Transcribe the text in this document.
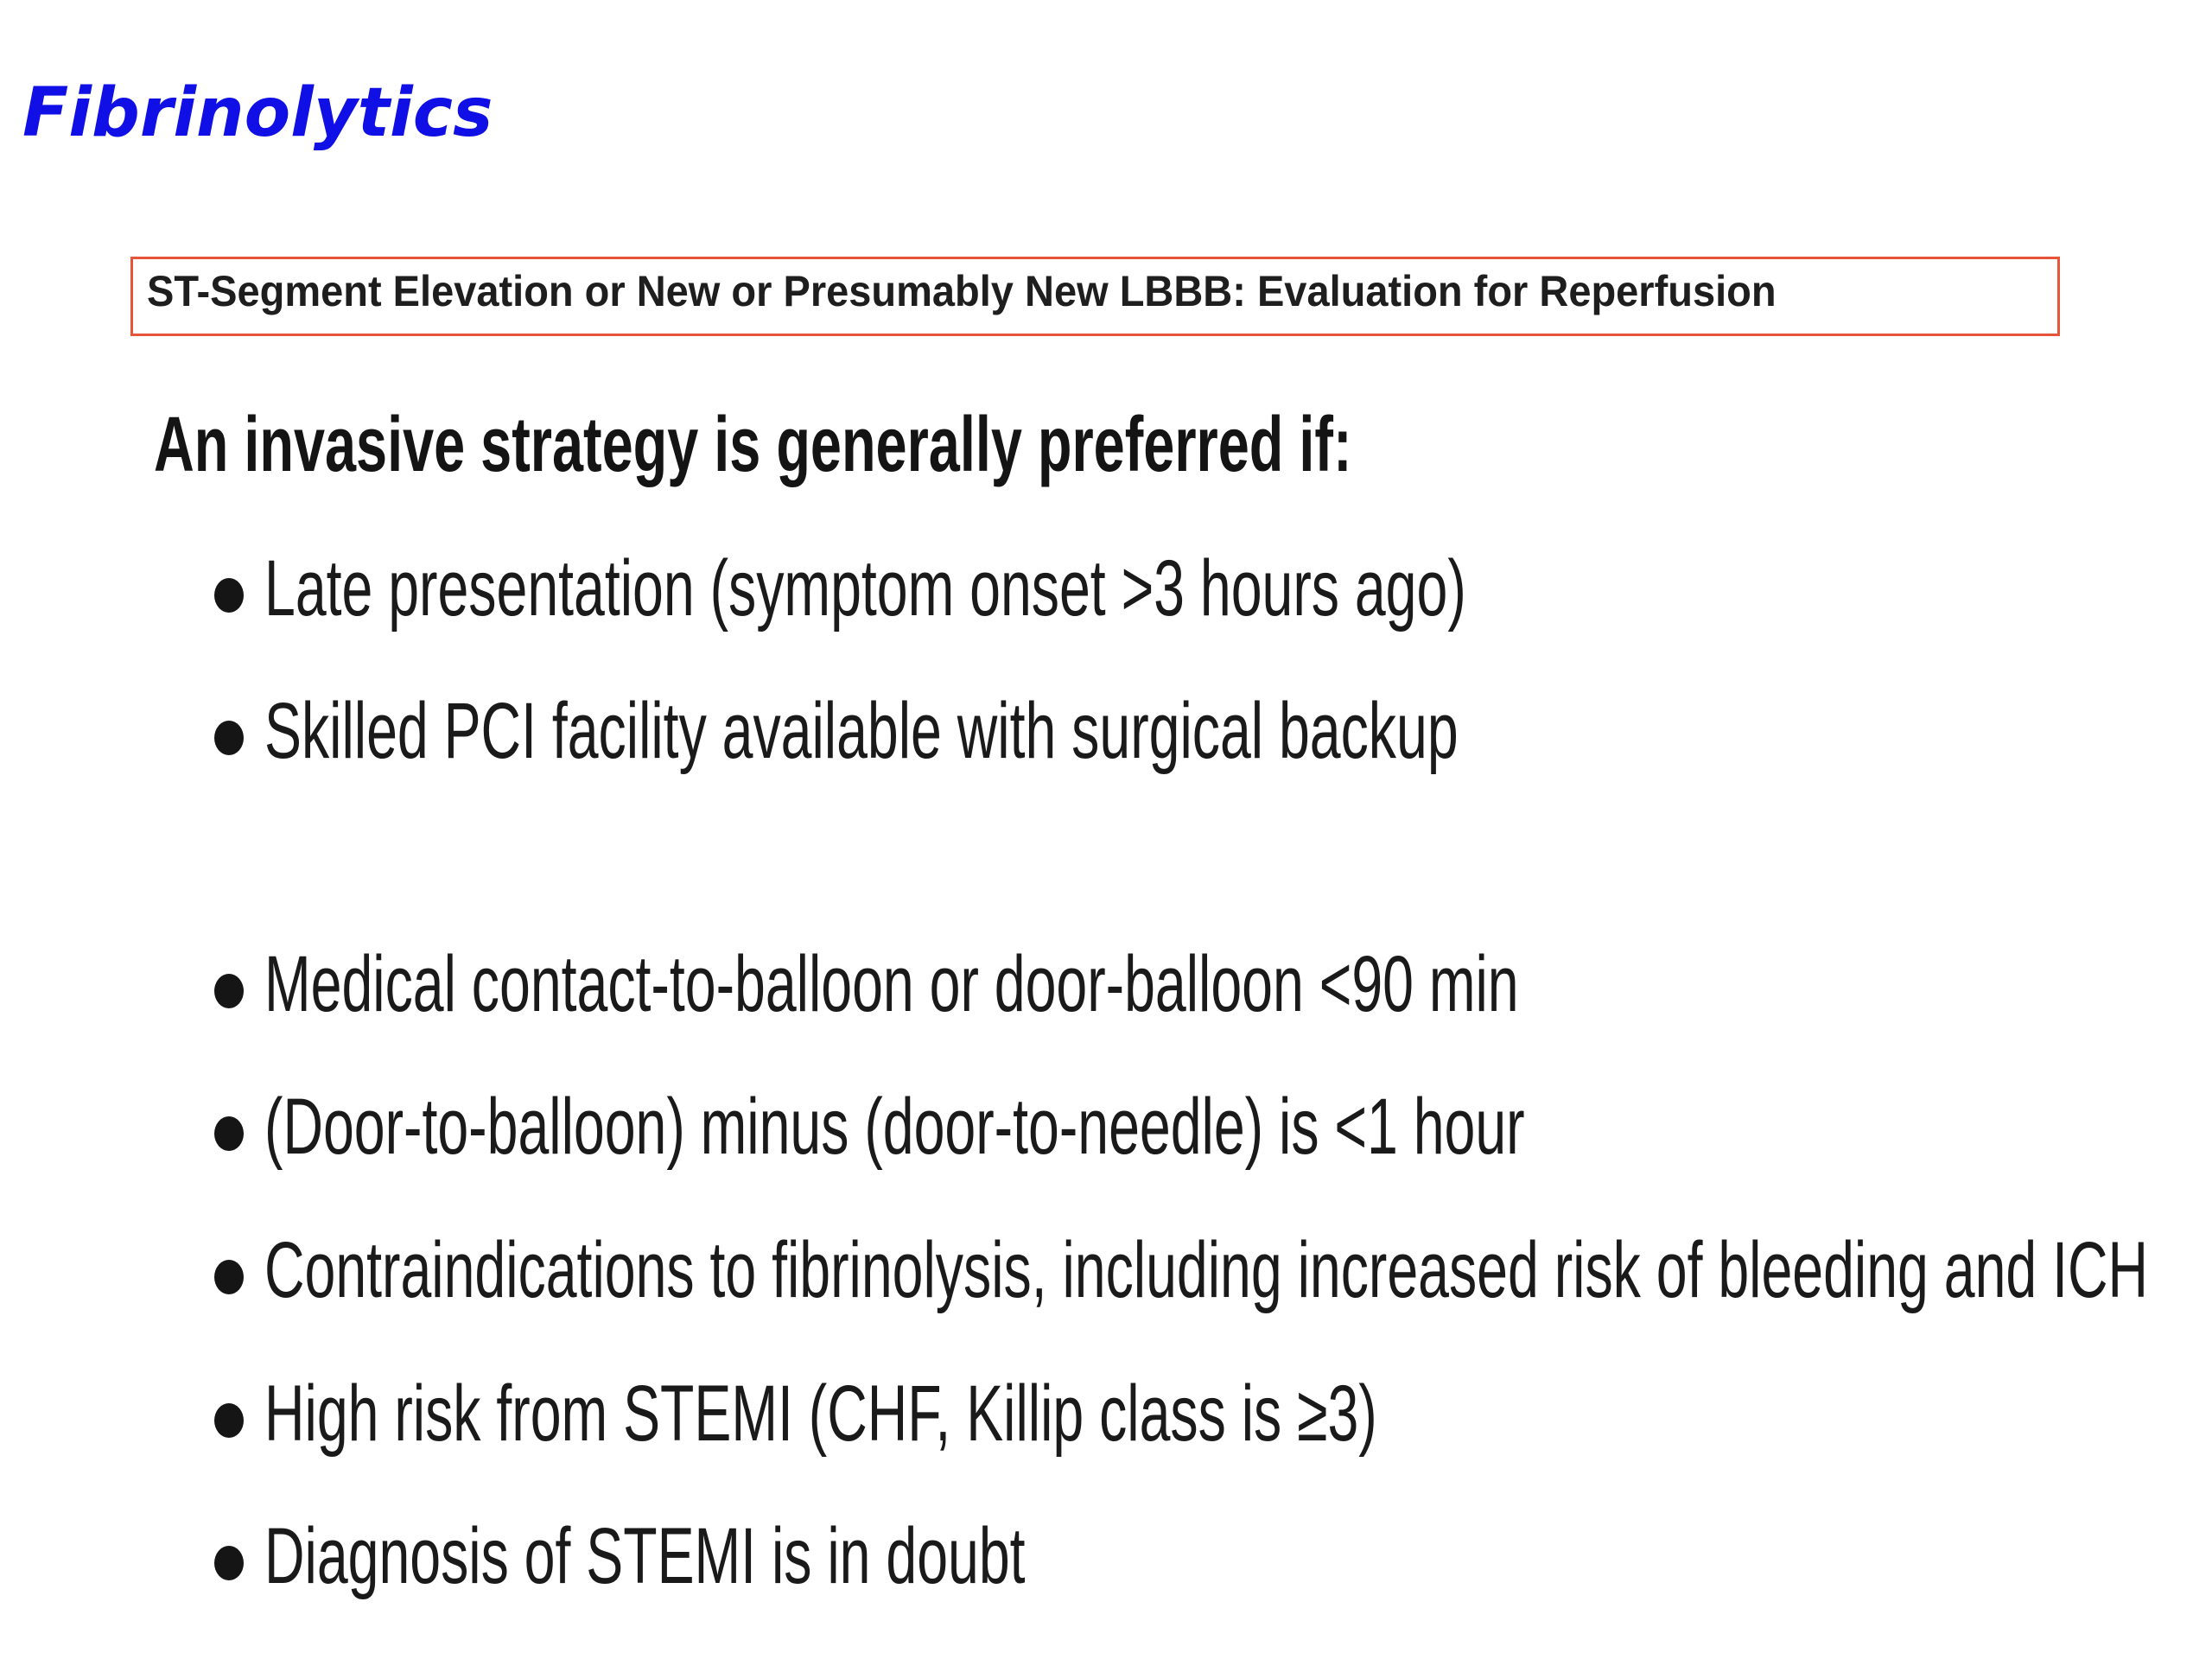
Fibrinolytics
ST-Segment Elevation or New or Presumably New LBBB: Evaluation for Reperfusion
An invasive strategy is generally preferred if:
Late presentation (symptom onset >3 hours ago)
Skilled PCI facility available with surgical backup
Medical contact-to-balloon or door-balloon <90 min
(Door-to-balloon) minus (door-to-needle) is <1 hour
Contraindications to fibrinolysis, including increased risk of bleeding and ICH
High risk from STEMI (CHF, Killip class is ≥3)
Diagnosis of STEMI is in doubt
